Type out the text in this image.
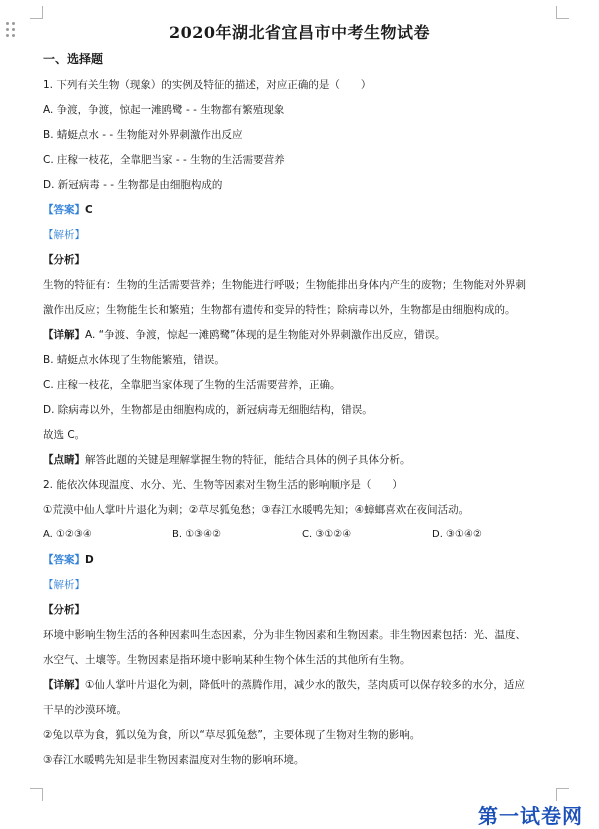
2020年湖北省宜昌市中考生物试卷
一、选择题
1. 下列有关生物（现象）的实例及特征的描述，对应正确的是（　　）
A. 争渡，争渡，惊起一滩鸥鹭 - - 生物都有繁殖现象
B. 蜻蜓点水 - - 生物能对外界刺激作出反应
C. 庄稼一枝花，全靠肥当家 - - 生物的生活需要营养
D. 新冠病毒 - - 生物都是由细胞构成的
【答案】C
【解析】
【分析】
生物的特征有：生物的生活需要营养；生物能进行呼吸；生物能排出身体内产生的废物；生物能对外界刺
激作出反应；生物能生长和繁殖；生物都有遗传和变异的特性；除病毒以外，生物都是由细胞构成的。
【详解】A. “争渡、争渡，惊起一滩鸥鹭”体现的是生物能对外界刺激作出反应，错误。
B. 蜻蜓点水体现了生物能繁殖，错误。
C. 庄稼一枝花，全靠肥当家体现了生物的生活需要营养，正确。
D. 除病毒以外，生物都是由细胞构成的，新冠病毒无细胞结构，错误。
故选 C。
【点睛】解答此题的关键是理解掌握生物的特征，能结合具体的例子具体分析。
2. 能依次体现温度、水分、光、生物等因素对生物生活的影响顺序是（　　）
①荒漠中仙人掌叶片退化为刺；②草尽狐兔愁；③春江水暖鸭先知；④蟑螂喜欢在夜间活动。
A. ①②③④	B. ①③④②	C. ③①②④	D. ③①④②
【答案】D
【解析】
【分析】
环境中影响生物生活的各种因素叫生态因素，分为非生物因素和生物因素。非生物因素包括：光、温度、
水空气、土壤等。生物因素是指环境中影响某种生物个体生活的其他所有生物。
【详解】①仙人掌叶片退化为刺，降低叶的蒸腾作用，减少水的散失，茎肉质可以保存较多的水分，适应
干旱的沙漠环境。
②兔以草为食，狐以兔为食，所以“草尽狐兔愁”，主要体现了生物对生物的影响。
③春江水暖鸭先知是非生物因素温度对生物的影响环境。
第一试卷网
